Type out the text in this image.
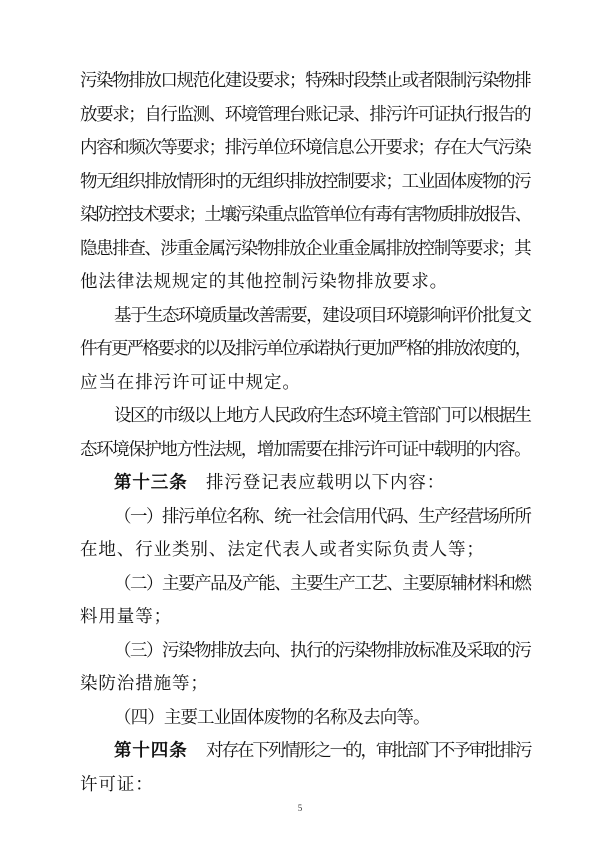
污染物排放口规范化建设要求；特殊时段禁止或者限制污染物排
放要求；自行监测、环境管理台账记录、排污许可证执行报告的
内容和频次等要求；排污单位环境信息公开要求；存在大气污染
物无组织排放情形时的无组织排放控制要求；工业固体废物的污
染防控技术要求；土壤污染重点监管单位有毒有害物质排放报告、
隐患排查、涉重金属污染物排放企业重金属排放控制等要求；其
他法律法规规定的其他控制污染物排放要求。
基于生态环境质量改善需要，建设项目环境影响评价批复文
件有更严格要求的以及排污单位承诺执行更加严格的排放浓度的，
应当在排污许可证中规定。
设区的市级以上地方人民政府生态环境主管部门可以根据生
态环境保护地方性法规，增加需要在排污许可证中载明的内容。
第十三条	排污登记表应载明以下内容：
（一）排污单位名称、统一社会信用代码、生产经营场所所
在地、行业类别、法定代表人或者实际负责人等；
（二）主要产品及产能、主要生产工艺、主要原辅材料和燃
料用量等；
（三）污染物排放去向、执行的污染物排放标准及采取的污
染防治措施等；
（四）主要工业固体废物的名称及去向等。
第十四条	对存在下列情形之一的，审批部门不予审批排污
许可证：
5
